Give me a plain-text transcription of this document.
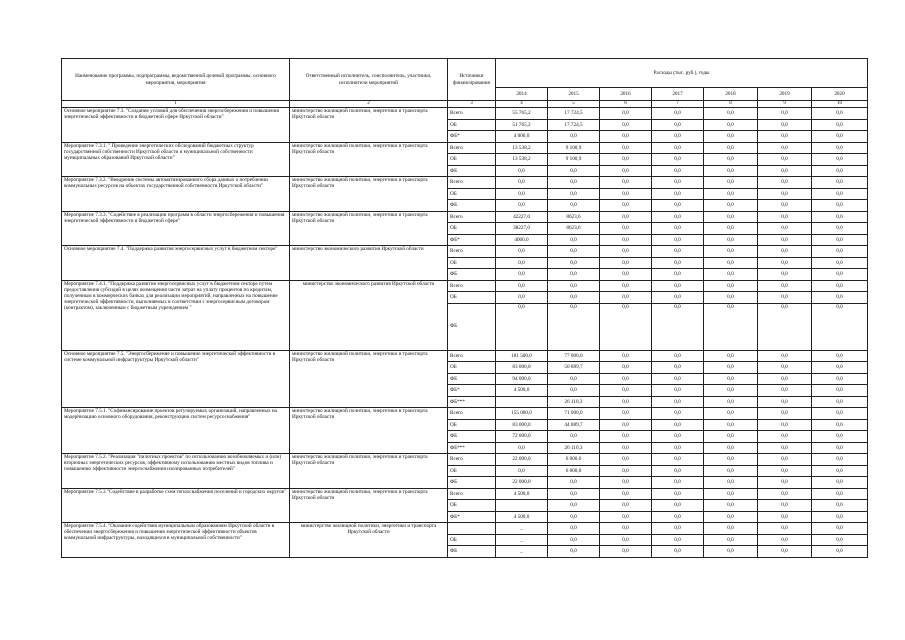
Наименование программы, подпрограммы, ведомственной целевой программы, основного мероприятия, мероприятия	Ответственный исполнитель, соисполнитель, участники, исполнители мероприятий	Источники финансирования	Расходы (тыс. руб.), годы						
			2014	2015	2016	2017	2018	2019	2020
1	2	3	4	5	6	7	8	9	10
Основное мероприятие 7.3. "Создание условий для обеспечения энергосбережения и повышения энергетической эффективности в бюджетной сфере Иркутской области"	министерство жилищной политики, энергетики и транспорта Иркутской области	Всего	55 765,2	17 724,5	0,0	0,0	0,0	0,0	0,0
		ОБ	51 765,2	17 724,5	0,0	0,0	0,0	0,0	0,0
		ФБ*	4 000,0	0,0	0,0	0,0	0,0	0,0	0,0
Мероприятие 7.3.1. " Проведение энергетических обследований бюджетных структур государственной собственности Иркутской области и муниципальной собственности муниципальных образований Иркутской области"	министерство жилищной политики, энергетики и транспорта Иркутской области	Всего	13 538,2	9 100,9	0,0	0,0	0,0	0,0	0,0
		ОБ	13 538,2	9 100,9	0,0	0,0	0,0	0,0	0,0
		ФБ	0,0	0,0	0,0	0,0	0,0	0,0	0,0
Мероприятие 7.3.2. "Внедрение системы автоматизированного сбора данных о потреблении коммунальных ресурсов на объектах государственной собственности Иркутской области"	министерство жилищной политики, энергетики и транспорта Иркутской области	Всего	0,0	0,0	0,0	0,0	0,0	0,0	0,0
		ОБ	0,0	0,0	0,0	0,0	0,0	0,0	0,0
		ФБ	0,0	0,0	0,0	0,0	0,0	0,0	0,0
Мероприятие 7.3.3. "Содействие в реализации программ в области энергосбережения и повышения энергетической эффективности в бюджетной сфере"	министерство жилищной политики, энергетики и транспорта Иркутской области	Всего	42227,0	8623,6	0,0	0,0	0,0	0,0	0,0
		ОБ	38227,0	8623,6	0,0	0,0	0,0	0,0	0,0
		ФБ*	4000,0	0,0	0,0	0,0	0,0	0,0	0,0
Основное мероприятие 7.4. "Поддержка развития энергосервисных услуг в бюджетном секторе"	министерство экономического развития Иркутской области	Всего	0,0	0,0	0,0	0,0	0,0	0,0	0,0
		ОБ	0,0	0,0	0,0	0,0	0,0	0,0	0,0
		ФБ	0,0	0,0	0,0	0,0	0,0	0,0	0,0
Мероприятие 7.4.1. "Поддержка развития энергосервисных услуг в бюджетном секторе путем предоставления субсидий в целях возмещения части затрат на уплату процентов по кредитам, полученным в коммерческих банках для реализации мероприятий, направленных на повышение энергетической эффективности, выполняемых в соответствии с энергосервисным договором (контрактом), заключенным с бюджетным учреждением "	министерство экономического развития Иркутской области	Всего	0,0	0,0	0,0	0,0	0,0	0,0	0,0
		ОБ	0,0	0,0	0,0	0,0	0,0	0,0	0,0
		ФБ	0,0	0,0	0,0	0,0	0,0	0,0	0,0
Основное мероприятие 7.5. "Энергосбережение и повышение энергетической эффективности в системе коммунальной инфраструктуры Иркутской области"	министерство жилищной политики, энергетики и транспорта Иркутской области	Всего	181 500,0	77 000,0	0,0	0,0	0,0	0,0	0,0
		ОБ	83 000,0	50 889,7	0,0	0,0	0,0	0,0	0,0
		ФБ	94 000,0	0,0	0,0	0,0	0,0	0,0	0,0
		ФБ*	4 500,0	0,0	0,0	0,0	0,0	0,0	0,0
		ФБ***		26 110,3	0,0	0,0	0,0	0,0	0,0
Мероприятие 7.5.1. "Софинансирование проектов регулируемых организаций, направленных на модернизацию основного оборудования, реконструкцию систем ресурсоснабжения"	министерство жилищной политики, энергетики и транспорта Иркутской области	Всего	155 000,0	71 000,0	0,0	0,0	0,0	0,0	0,0
		ОБ	83 000,0	44 889,7	0,0	0,0	0,0	0,0	0,0
		ФБ	72 000,0	0,0	0,0	0,0	0,0	0,0	0,0
		ФБ***	0,0	26 110,3	0,0	0,0	0,0	0,0	0,0
Мероприятие 7.5.2. "Реализация "пилотных проектов" по использованию возобновляемых и (или) вторичных энергетических ресурсов, эффективному использованию местных видов топлива и повышению эффективности энергоснабжения изолированных потребителей"	министерство жилищной политики, энергетики и транспорта Иркутской области	Всего	22 000,0	6 000,0	0,0	0,0	0,0	0,0	0,0
		ОБ	0,0	6 000,0	0,0	0,0	0,0	0,0	0,0
		ФБ	22 000,0	0,0	0,0	0,0	0,0	0,0	0,0
Мероприятие 7.5.3 "Содействие в разработке схем теплоснабжения поселений и городских округов"	министерство жилищной политики, энергетики и транспорта Иркутской области	Всего	4 500,0	0,0	0,0	0,0	0,0	0,0	0,0
		ОБ		0,0	0,0	0,0	0,0	0,0	0,0
		ФБ*	4 500,0	0,0	0,0	0,0	0,0	0,0	0,0
Мероприятие 7.5.4. "Оказание содействия муниципальным образованиям Иркутской области в обеспечении энергосбережения и повышения энергетической эффективности объектов коммунальной инфраструктуры, находящихся в муниципальной собственности"	министерство жилищной политики, энергетики и транспорта Иркутской области		_	0,0	0,0	0,0	0,0	0,0	0,0
		ОБ	_	0,0	0,0	0,0	0,0	0,0	0,0
		ФБ	_	0,0	0,0	0,0	0,0	0,0	0,0
